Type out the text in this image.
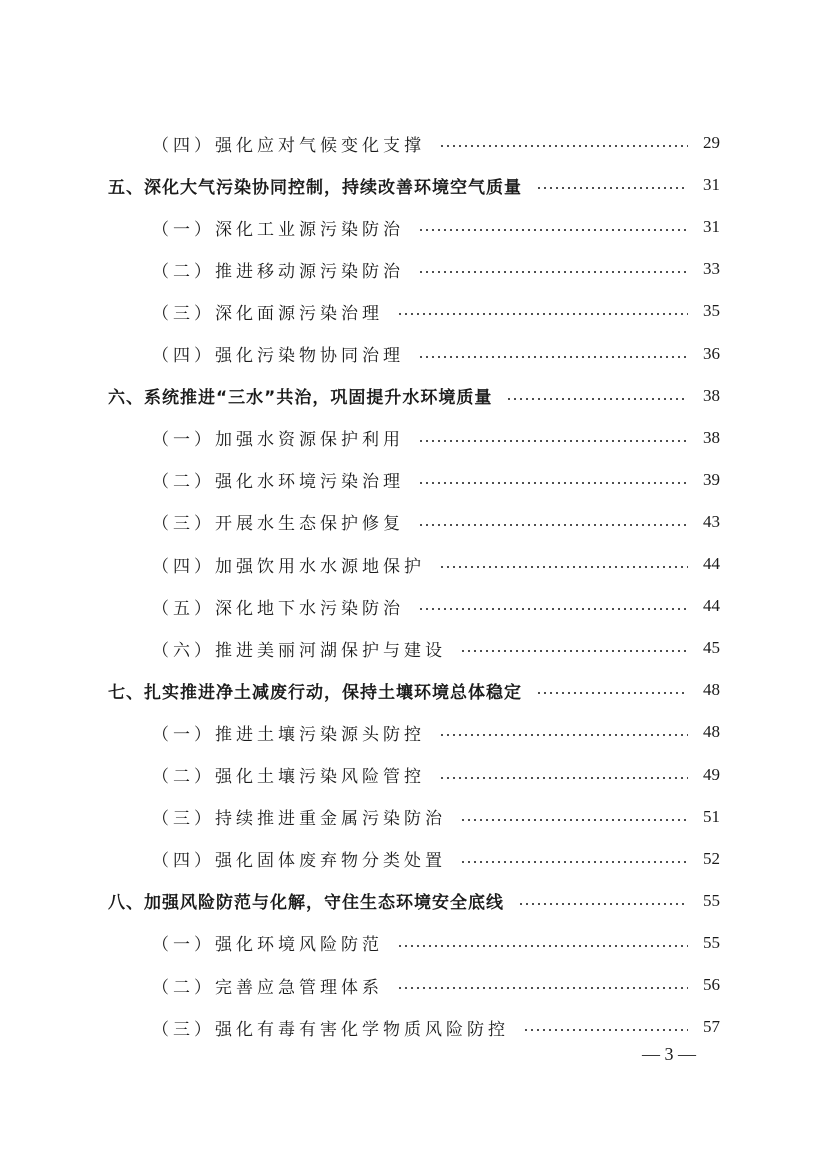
（四）强化应对气候变化支撑	29
五、深化大气污染协同控制，持续改善环境空气质量	31
（一）深化工业源污染防治	31
（二）推进移动源污染防治	33
（三）深化面源污染治理	35
（四）强化污染物协同治理	36
六、系统推进“三水”共治，巩固提升水环境质量	38
（一）加强水资源保护利用	38
（二）强化水环境污染治理	39
（三）开展水生态保护修复	43
（四）加强饮用水水源地保护	44
（五）深化地下水污染防治	44
（六）推进美丽河湖保护与建设	45
七、扎实推进净土减废行动，保持土壤环境总体稳定	48
（一）推进土壤污染源头防控	48
（二）强化土壤污染风险管控	49
（三）持续推进重金属污染防治	51
（四）强化固体废弃物分类处置	52
八、加强风险防范与化解，守住生态环境安全底线	55
（一）强化环境风险防范	55
（二）完善应急管理体系	56
（三）强化有毒有害化学物质风险防控	57
— 3 —
